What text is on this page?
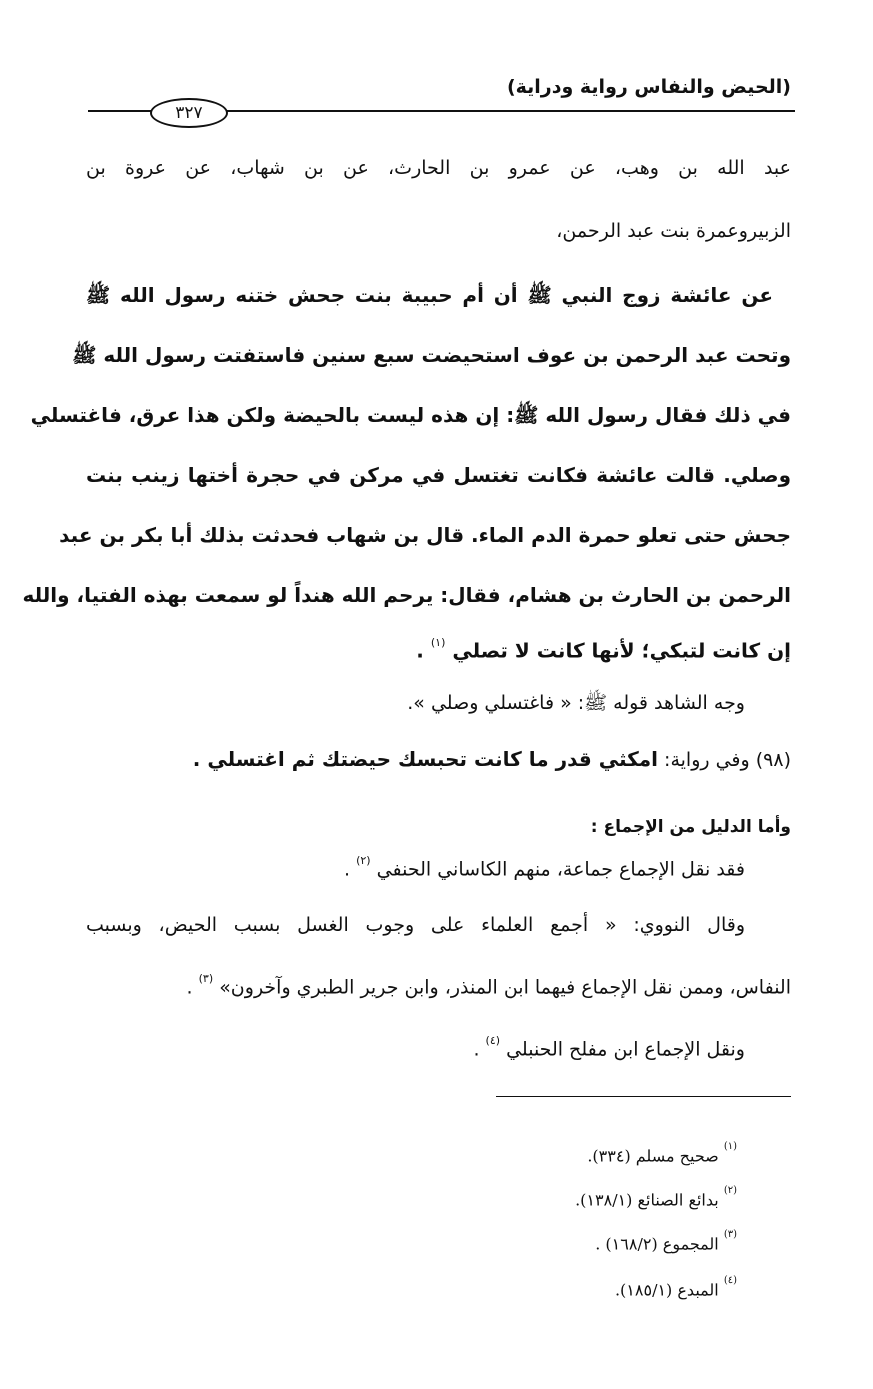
(الحيض والنفاس رواية ودراية)
٣٢٧
عبد الله بن وهب، عن عمرو بن الحارث، عن بن شهاب، عن عروة بن
الزبيروعمرة بنت عبد الرحمن،
عن عائشة زوج النبي ﷺ أن أم حبيبة بنت جحش ختنه رسول الله ﷺ
وتحت عبد الرحمن بن عوف استحيضت سبع سنين فاستفتت رسول الله ﷺ
في ذلك فقال رسول الله ﷺ: إن هذه ليست بالحيضة ولكن هذا عرق، فاغتسلي
وصلي. قالت عائشة فكانت تغتسل في مركن في حجرة أختها زينب بنت
جحش حتى تعلو حمرة الدم الماء. قال بن شهاب فحدثت بذلك أبا بكر بن عبد
الرحمن بن الحارث بن هشام، فقال: يرحم الله هنداً لو سمعت بهذه الفتيا، والله
إن كانت لتبكي؛ لأنها كانت لا تصلي $^{(١)}$ .
وجه الشاهد قوله ﷺ: « فاغتسلي وصلي ».
(٩٨) وفي رواية: امكثي قدر ما كانت تحبسك حيضتك ثم اغتسلي .
وأما الدليل من الإجماع :
فقد نقل الإجماع جماعة، منهم الكاساني الحنفي $^{(٢)}$ .
وقال النووي: « أجمع العلماء على وجوب الغسل بسبب الحيض، وبسبب
النفاس، وممن نقل الإجماع فيهما ابن المنذر، وابن جرير الطبري وآخرون» $^{(٣)}$ .
ونقل الإجماع ابن مفلح الحنبلي $^{(٤)}$ .
$^{(١)}$ صحيح مسلم (٣٣٤).
$^{(٢)}$ بدائع الصنائع (١٣٨/١).
$^{(٣)}$ المجموع (١٦٨/٢) .
$^{(٤)}$ المبدع (١٨٥/١).
